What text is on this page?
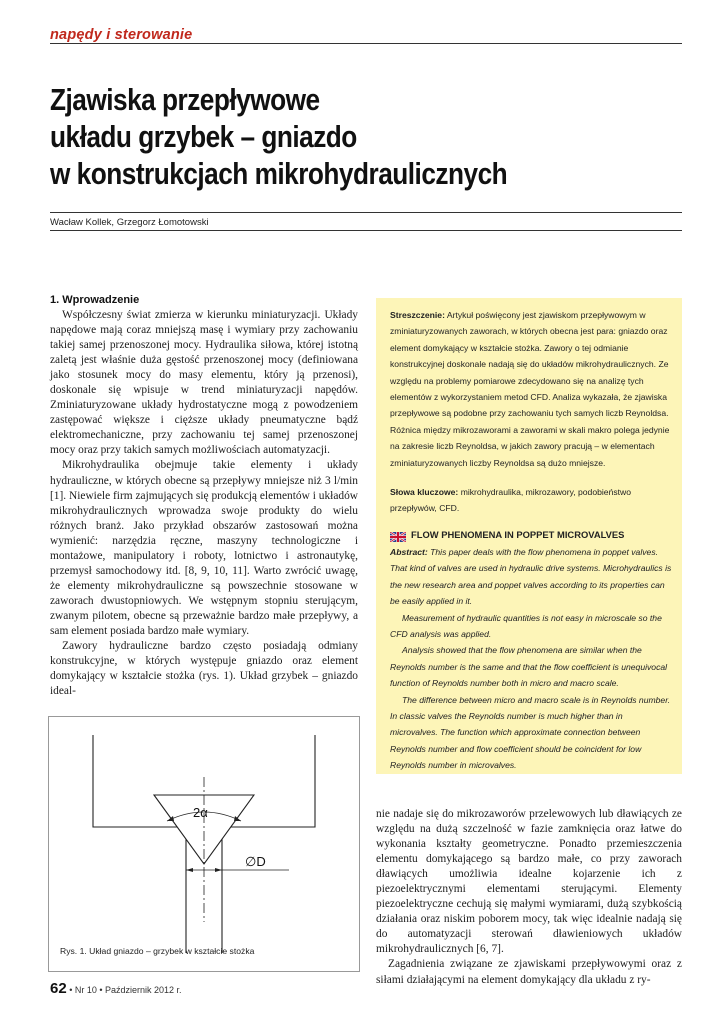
napędy i sterowanie
Zjawiska przepływowe
układu grzybek – gniazdo
w konstrukcjach mikrohydraulicznych
Wacław Kollek, Grzegorz Łomotowski
1. Wprowadzenie

Współczesny świat zmierza w kierunku miniaturyzacji. Układy napędowe mają coraz mniejszą masę i wymiary przy zachowaniu takiej samej przenoszonej mocy. Hydraulika siłowa, której istotną zaletą jest właśnie duża gęstość przenoszonej mocy (definiowana jako stosunek mocy do masy elementu, który ją przenosi), doskonale się wpisuje w trend miniaturyzacji napędów. Zminiaturyzowane układy hydrostatyczne mogą z powodzeniem zastępować większe i cięższe układy pneumatyczne bądź elektromechaniczne, przy zachowaniu tej samej przenoszonej mocy oraz przy takich samych możliwościach automatyzacji.

Mikrohydraulika obejmuje takie elementy i układy hydrauliczne, w których obecne są przepływy mniejsze niż 3 l/min [1]. Niewiele firm zajmujących się produkcją elementów i układów mikrohydraulicznych wprowadza swoje produkty do wielu różnych branż. Jako przykład obszarów zastosowań można wymienić: narzędzia ręczne, maszyny technologiczne i montażowe, manipulatory i roboty, lotnictwo i astronautykę, przemysł samochodowy itd. [8, 9, 10, 11]. Warto zwrócić uwagę, że elementy mikrohydrauliczne są powszechnie stosowane w zaworach dwustopniowych. We wstępnym stopniu sterującym, zwanym pilotem, obecne są przeważnie bardzo małe przepływy, a sam element posiada bardzo małe wymiary.

Zawory hydrauliczne bardzo często posiadają odmiany konstrukcyjne, w których występuje gniazdo oraz element domykający w kształcie stożka (rys. 1). Układ grzybek – gniazdo ideal-

Streszczenie: Artykuł poświęcony jest zjawiskom przepływowym w zminiaturyzowanych zaworach, w których obecna jest para: gniazdo oraz element domykający w kształcie stożka. Zawory o tej odmianie konstrukcyjnej doskonale nadają się do układów mikrohydraulicznych. Ze względu na problemy pomiarowe zdecydowano się na analizę tych elementów z wykorzystaniem metod CFD. Analiza wykazała, że zjawiska przepływowe są podobne przy zachowaniu tych samych liczb Reynoldsa. Różnica między mikrozaworami a zaworami w skali makro polega jedynie na zakresie liczb Reynoldsa, w jakich zawory pracują – w elementach zminiaturyzowanych liczby Reynoldsa są dużo mniejsze.
Słowa kluczowe: mikrohydraulika, mikrozawory, podobieństwo przepływów, CFD.
FLOW PHENOMENA IN POPPET MICROVALVES

Abstract: This paper deals with the flow phenomena in poppet valves. That kind of valves are used in hydraulic drive systems. Microhydraulics is the new research area and poppet valves according to its properties can be easily applied in it.

Measurement of hydraulic quantities is not easy in microscale so the CFD analysis was applied.

Analysis showed that the flow phenomena are similar when the Reynolds number is the same and that the flow coefficient is unequivocal function of Reynolds number both in micro and macro scale.

The difference between micro and macro scale is in Reynolds number. In classic valves the Reynolds number is much higher than in microvalves. The function which approximate connection between Reynolds number and flow coefficient should be coincident for low Reynolds number in microvalves.

nie nadaje się do mikrozaworów przelewowych lub dławiących ze względu na dużą szczelność w fazie zamknięcia oraz łatwe do wykonania kształty geometryczne. Ponadto przemieszczenia elementu domykającego są bardzo małe, co przy zaworach dławiących umożliwia idealne kojarzenie ich z piezoelektrycznymi elementami sterującymi. Elementy piezoelektryczne cechują się małymi wymiarami, dużą szybkością działania oraz niskim poborem mocy, tak więc idealnie nadają się do automatyzacji sterowań dławieniowych układów mikrohydraulicznych [6, 7].

Zagadnienia związane ze zjawiskami przepływowymi oraz z siłami działającymi na element domykający dla układu z ry-

2α
∅D
Rys. 1. Układ gniazdo – grzybek w kształcie stożka
62 • Nr 10 • Październik 2012 r.
